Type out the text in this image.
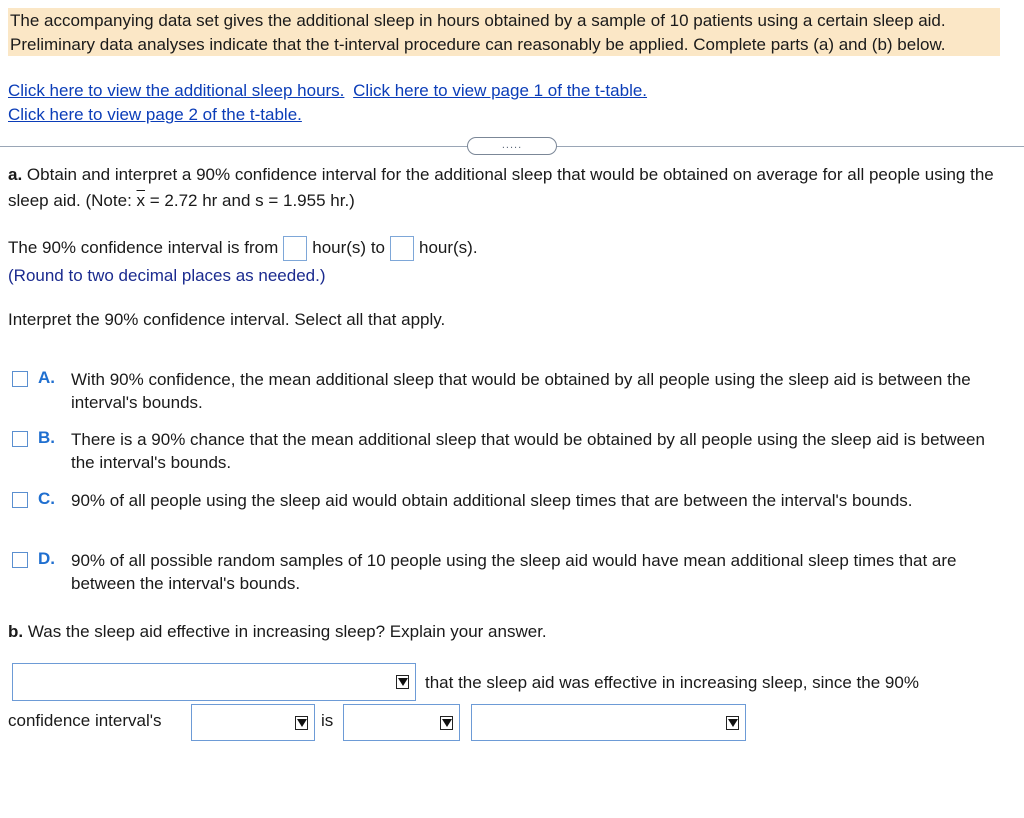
The accompanying data set gives the additional sleep in hours obtained by a sample of 10 patients using a certain sleep aid. Preliminary data analyses indicate that the t-interval procedure can reasonably be applied. Complete parts (a) and (b) below.
Click here to view the additional sleep hours. Click here to view page 1 of the t-table.
Click here to view page 2 of the t-table.
.....
a. Obtain and interpret a 90% confidence interval for the additional sleep that would be obtained on average for all people using the sleep aid. (Note: $\overline{x} = 2.72$ hr and s = 1.955 hr.)
The 90% confidence interval is from hour(s) to hour(s).
(Round to two decimal places as needed.)
Interpret the 90% confidence interval. Select all that apply.
A. With 90% confidence, the mean additional sleep that would be obtained by all people using the sleep aid is between the interval's bounds.
B. There is a 90% chance that the mean additional sleep that would be obtained by all people using the sleep aid is between the interval's bounds.
C. 90% of all people using the sleep aid would obtain additional sleep times that are between the interval's bounds.
D. 90% of all possible random samples of 10 people using the sleep aid would have mean additional sleep times that are between the interval's bounds.
b. Was the sleep aid effective in increasing sleep? Explain your answer.
that the sleep aid was effective in increasing sleep, since the 90%
confidence interval's	is
